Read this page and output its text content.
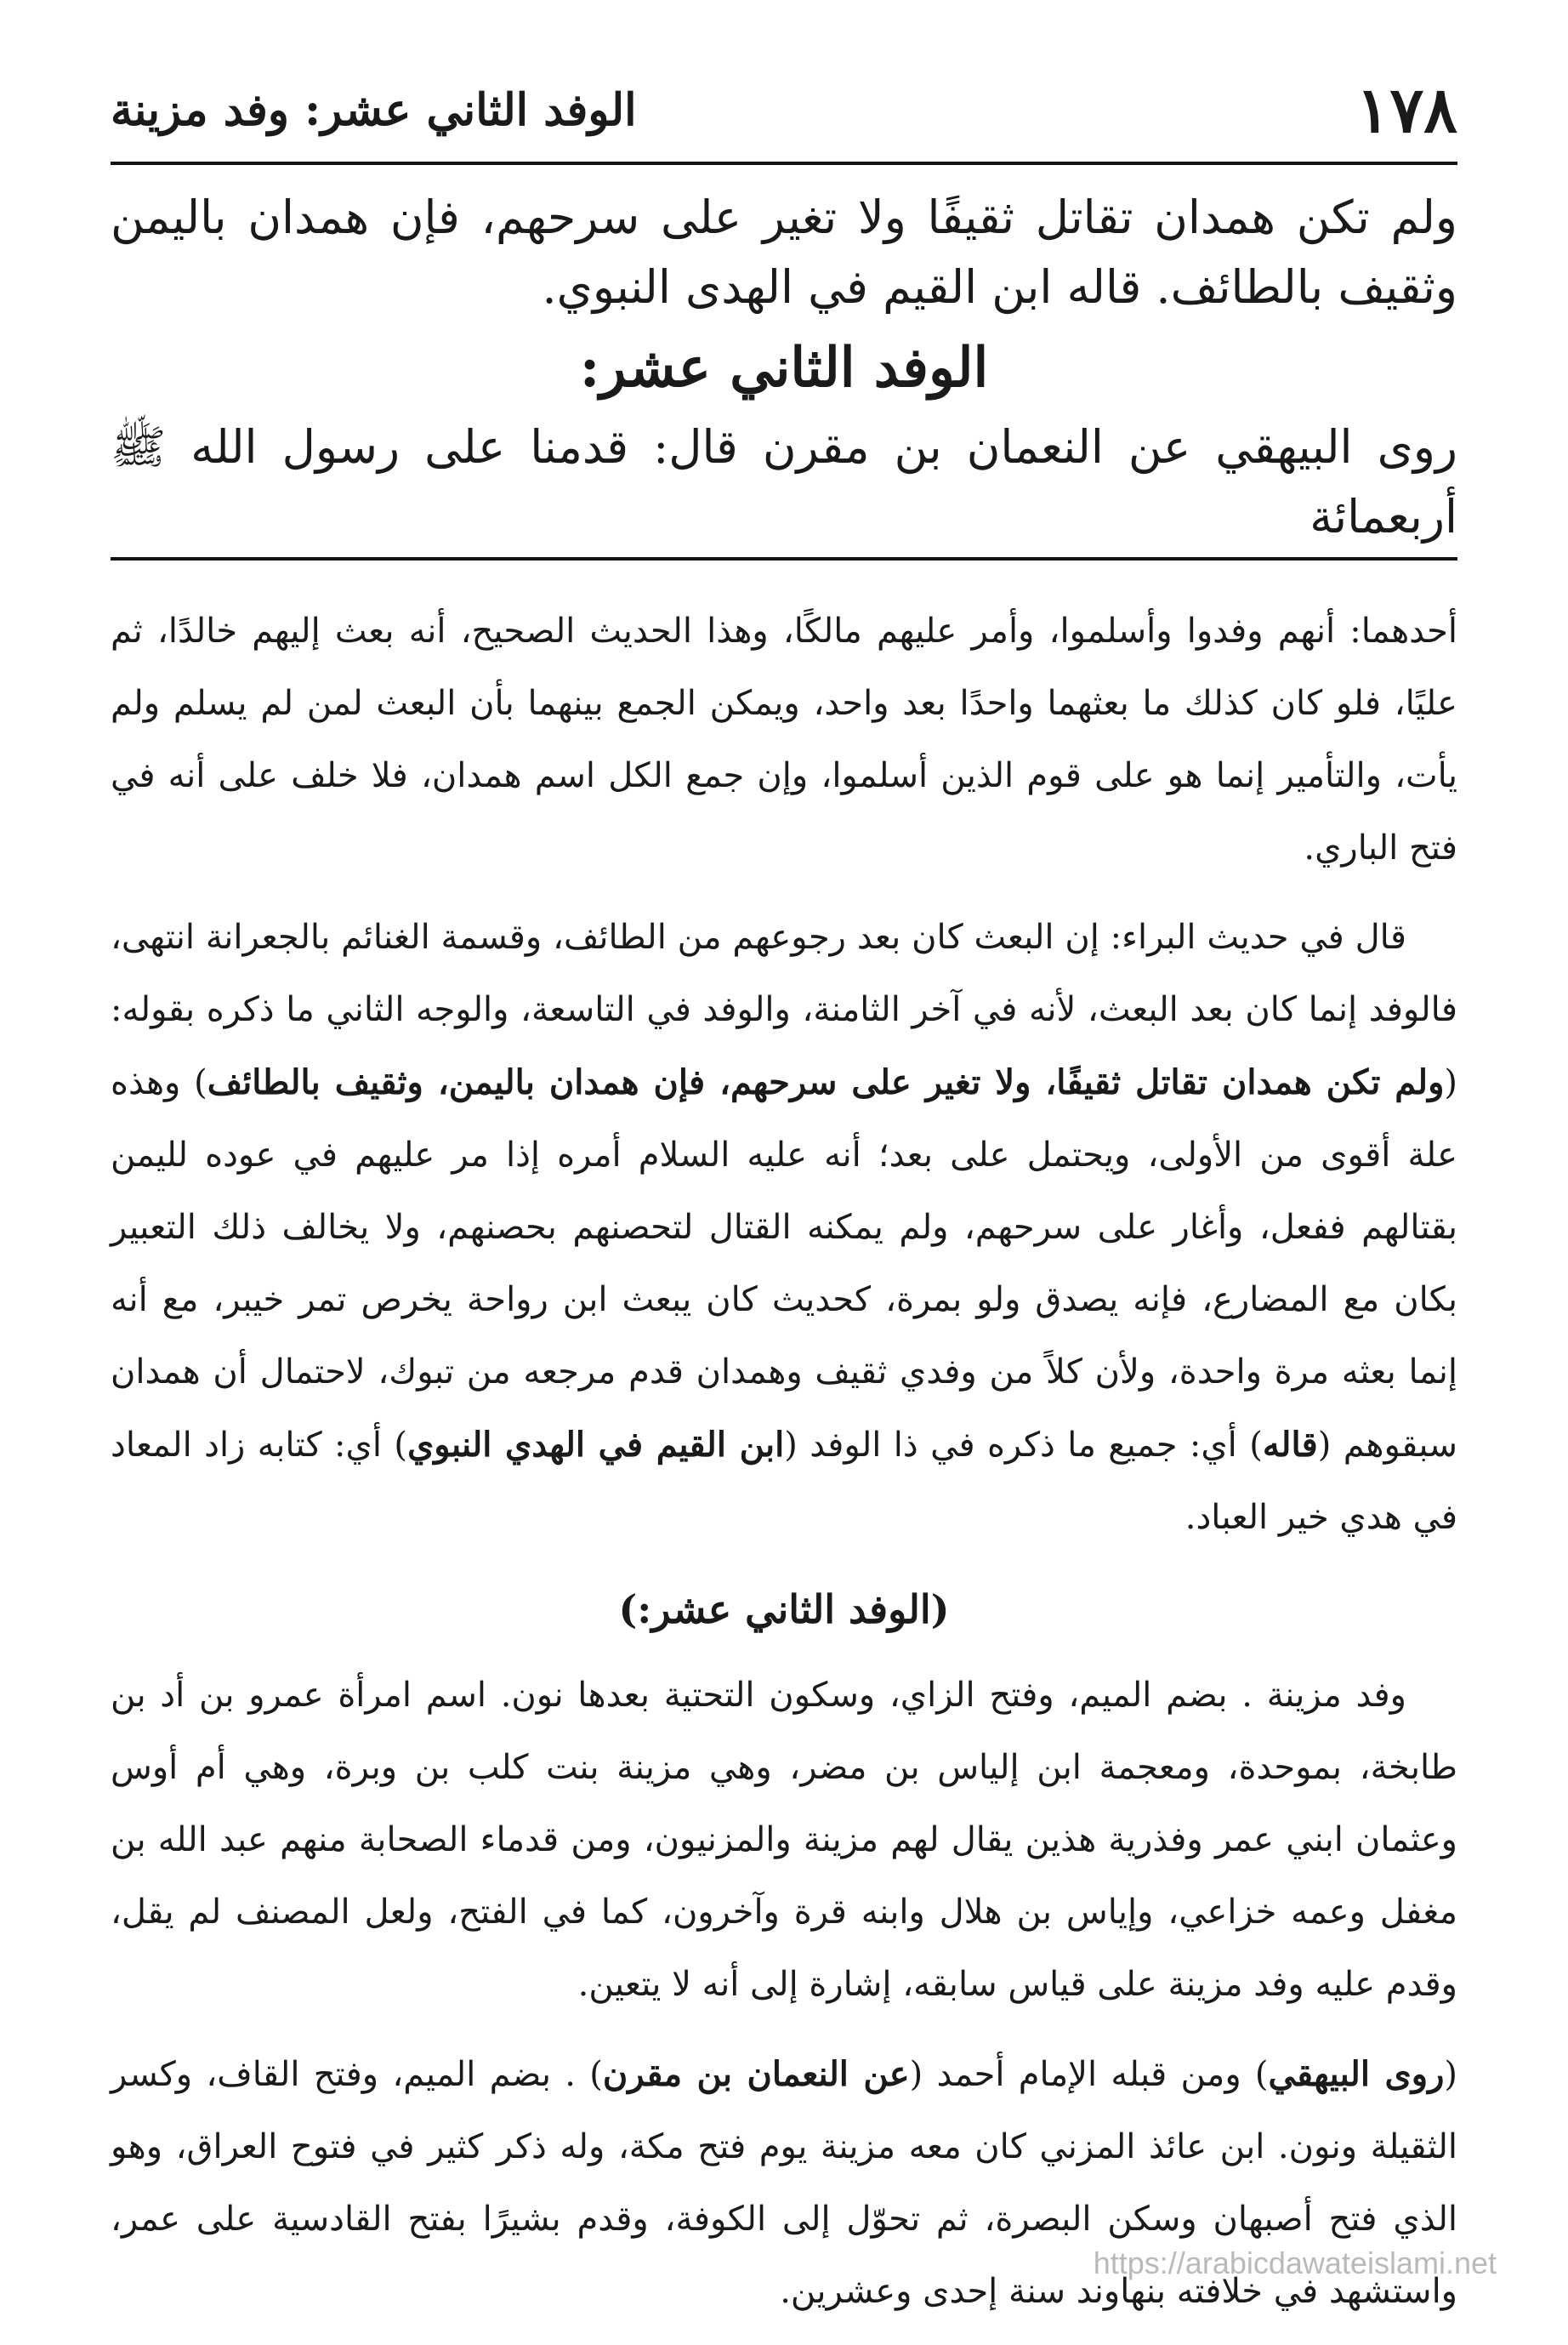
١٧٨
الوفد الثاني عشر: وفد مزينة

ولم تكن همدان تقاتل ثقيفًا ولا تغير على سرحهم، فإن همدان باليمن وثقيف بالطائف. قاله ابن القيم في الهدى النبوي.

الوفد الثاني عشر:

روى البيهقي عن النعمان بن مقرن قال: قدمنا على رسول الله ﷺ أربعمائة

أحدهما: أنهم وفدوا وأسلموا، وأمر عليهم مالكًا، وهذا الحديث الصحيح، أنه بعث إليهم خالدًا، ثم عليًا، فلو كان كذلك ما بعثهما واحدًا بعد واحد، ويمكن الجمع بينهما بأن البعث لمن لم يسلم ولم يأت، والتأمير إنما هو على قوم الذين أسلموا، وإن جمع الكل اسم همدان، فلا خلف على أنه في فتح الباري.

قال في حديث البراء: إن البعث كان بعد رجوعهم من الطائف، وقسمة الغنائم بالجعرانة انتهى، فالوفد إنما كان بعد البعث، لأنه في آخر الثامنة، والوفد في التاسعة، والوجه الثاني ما ذكره بقوله: (ولم تكن همدان تقاتل ثقيفًا، ولا تغير على سرحهم، فإن همدان باليمن، وثقيف بالطائف) وهذه علة أقوى من الأولى، ويحتمل على بعد؛ أنه عليه السلام أمره إذا مر عليهم في عوده لليمن بقتالهم ففعل، وأغار على سرحهم، ولم يمكنه القتال لتحصنهم بحصنهم، ولا يخالف ذلك التعبير بكان مع المضارع، فإنه يصدق ولو بمرة، كحديث كان يبعث ابن رواحة يخرص تمر خيبر، مع أنه إنما بعثه مرة واحدة، ولأن كلاً من وفدي ثقيف وهمدان قدم مرجعه من تبوك، لاحتمال أن همدان سبقوهم (قاله) أي: جميع ما ذكره في ذا الوفد (ابن القيم في الهدي النبوي) أي: كتابه زاد المعاد في هدي خير العباد.

(الوفد الثاني عشر:)

وفد مزينة . بضم الميم، وفتح الزاي، وسكون التحتية بعدها نون. اسم امرأة عمرو بن أد بن طابخة، بموحدة، ومعجمة ابن إلياس بن مضر، وهي مزينة بنت كلب بن وبرة، وهي أم أوس وعثمان ابني عمر وفذرية هذين يقال لهم مزينة والمزنيون، ومن قدماء الصحابة منهم عبد الله بن مغفل وعمه خزاعي، وإياس بن هلال وابنه قرة وآخرون، كما في الفتح، ولعل المصنف لم يقل، وقدم عليه وفد مزينة على قياس سابقه، إشارة إلى أنه لا يتعين.

(روى البيهقي) ومن قبله الإمام أحمد (عن النعمان بن مقرن) . بضم الميم، وفتح القاف، وكسر الثقيلة ونون. ابن عائذ المزني كان معه مزينة يوم فتح مكة، وله ذكر كثير في فتوح العراق، وهو الذي فتح أصبهان وسكن البصرة، ثم تحوّل إلى الكوفة، وقدم بشيرًا بفتح القادسية على عمر، واستشهد في خلافته بنهاوند سنة إحدى وعشرين.

https://arabicdawateislami.net
